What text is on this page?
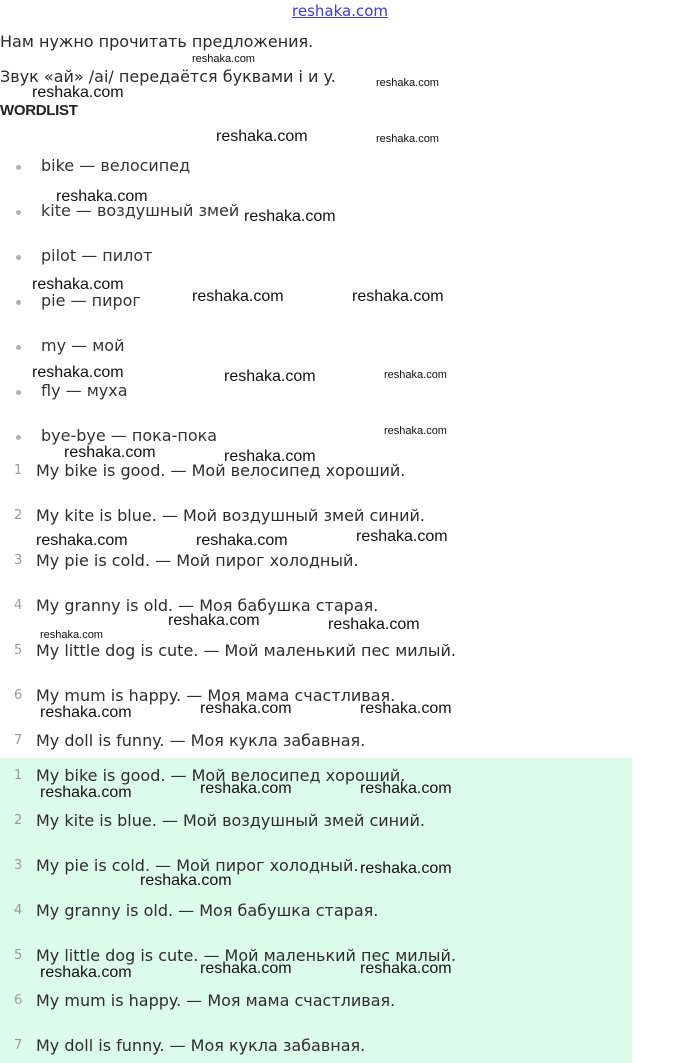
reshaka.com
Нам нужно прочитать предложения.
Звук «ай» /ai/ передаётся буквами i и y.
WORDLIST
bike — велосипед
kite — воздушный змей
pilot — пилот
pie — пирог
my — мой
fly — муха
bye-bye — пока-пока
1 My bike is good. — Мой велосипед хороший.
2 My kite is blue. — Мой воздушный змей синий.
3 My pie is cold. — Мой пирог холодный.
4 My granny is old. — Моя бабушка старая.
5 My little dog is cute. — Мой маленький пес милый.
6 My mum is happy. — Моя мама счастливая.
7 My doll is funny. — Моя кукла забавная.
1 My bike is good. — Мой велосипед хороший.
2 My kite is blue. — Мой воздушный змей синий.
3 My pie is cold. — Мой пирог холодный.
4 My granny is old. — Моя бабушка старая.
5 My little dog is cute. — Мой маленький пес милый.
6 My mum is happy. — Моя мама счастливая.
7 My doll is funny. — Моя кукла забавная.
reshaka.com
reshaka.com
reshaka.com
reshaka.com	reshaka.com
reshaka.com
reshaka.com
reshaka.com
reshaka.com	reshaka.com
reshaka.com	reshaka.com	reshaka.com
reshaka.com
reshaka.com	reshaka.com
reshaka.com
reshaka.com	reshaka.com
reshaka.com	reshaka.com
reshaka.com
reshaka.com	reshaka.com
reshaka.com
reshaka.com	reshaka.com
reshaka.com
reshaka.com
reshaka.com
reshaka.com	reshaka.com
reshaka.com
